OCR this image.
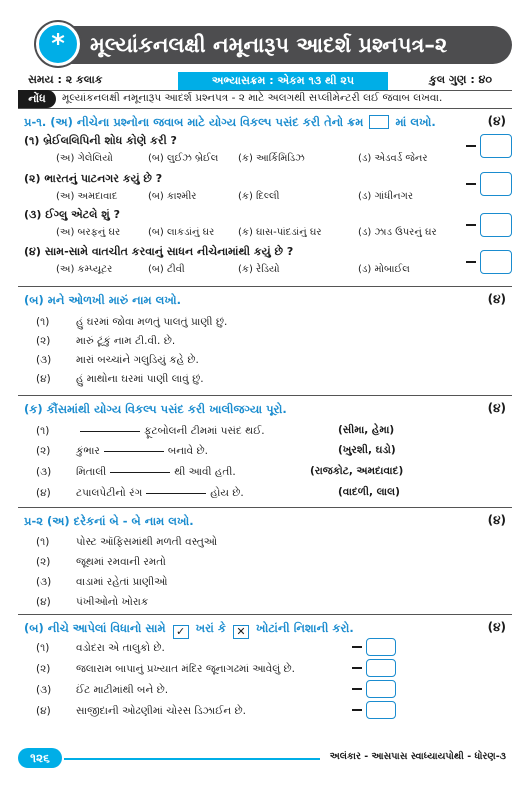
*	મૂલ્યાંકનલક્ષી નમૂનારૂપ આદર્શ પ્રશ્નપત્ર–૨
સમય : ૨ કલાક	અભ્યાસક્રમ : એકમ ૧૩ થી ૨૫	કુલ ગુણ : ૪૦
નોંધ	મૂલ્યાંકનલક્ષી નમૂનારૂપ આદર્શ પ્રશ્નપત્ર - ૨ માટે અલગથી સપ્લીમેન્ટરી લઈ જવાબ લખવા.
પ્ર-૧. (અ) નીચેના પ્રશ્નોના જવાબ માટે યોગ્ય વિકલ્પ પસંદ કરી તેનો ક્રમ	માં લખો.	(૪)
(૧) બ્રેઈલલિપિની શોધ કોણે કરી ?
(અ) ગેલેલિયો	(બ) લુઈઝ બ્રેઈલ (ક) આર્કિમિડિઝ	(ડ) એડવર્ડ જેનર
(૨) ભારતનું પાટનગર કયું છે ?
(અ) અમદાવાદ	(બ) કાશ્મીર	(ક) દિલ્લી	(ડ) ગાંધીનગર
(૩) ઈગ્લુ એટલે શું ?
(અ) બરફનું ઘર	(બ) લાકડાંનું ઘર (ક) ઘાસ-પાંદડાંનું ઘર	(ડ) ઝાડ ઉપરનું ઘર
(૪) સામ-સામે વાતચીત કરવાનું સાધન નીચેનામાંથી કયું છે ?
(અ) કમ્પ્યૂટર	(બ) ટીવી	(ક) રેડિયો	(ડ) મોબાઈલ
(બ) મને ઓળખી મારું નામ લખો.	(૪)
(૧)	હું ઘરમાં જોવા મળતું પાલતું પ્રાણી છું.
(૨) મારું ટૂંકું નામ ટી.વી. છે.
(૩) મારાં બચ્ચાંને ગલુડિયું કહે છે.
(૪) હું માથોના ઘરમાં પાણી લાવું છું.
(ક) કૌંસમાંથી યોગ્ય વિકલ્પ પસંદ કરી ખાલીજગ્યા પૂરો.	(૪)
(૧)	ફૂટબોલની ટીમમાં પસંદ થઈ.	(સીમા, હેમા)
(૨) કુંભાર	બનાવે છે.	(ખુરશી, ઘડો)
(૩) મિતાલી	થી આવી હતી.	(રાજકોટ, અમદાવાદ)
(૪) ટપાલપેટીનો રંગ	હોય છે.	(વાદળી, લાલ)
પ્ર-૨ (અ) દરેકનાં બે - બે નામ લખો.	(૪)
(૧)	પોસ્ટ ઑફિસમાંથી મળતી વસ્તુઓ
(૨) જૂથમાં રમવાની રમતો
(૩) વાડામાં રહેતાં પ્રાણીઓ
(૪) પંખીઓનો ખોરાક
(બ) નીચે આપેલાં વિધાનો સામે ✓ ખરાં કે ✕ ખોટાંની નિશાની કરો.	(૪)
(૧)	વડોદરા એ તાલુકો છે.
(૨) જલારામ બાપાનું પ્રખ્યાત મંદિર જૂનાગઢમાં આવેલું છે.
(૩) ઈંટ માટીમાંથી બને છે.
(૪) સાજીદાની ઓઢણીમાં ચોરસ ડિઝાઈન છે.
૧૨૬	અલંકાર - આસપાસ સ્વાધ્યાયપોથી - ધોરણ-૩
